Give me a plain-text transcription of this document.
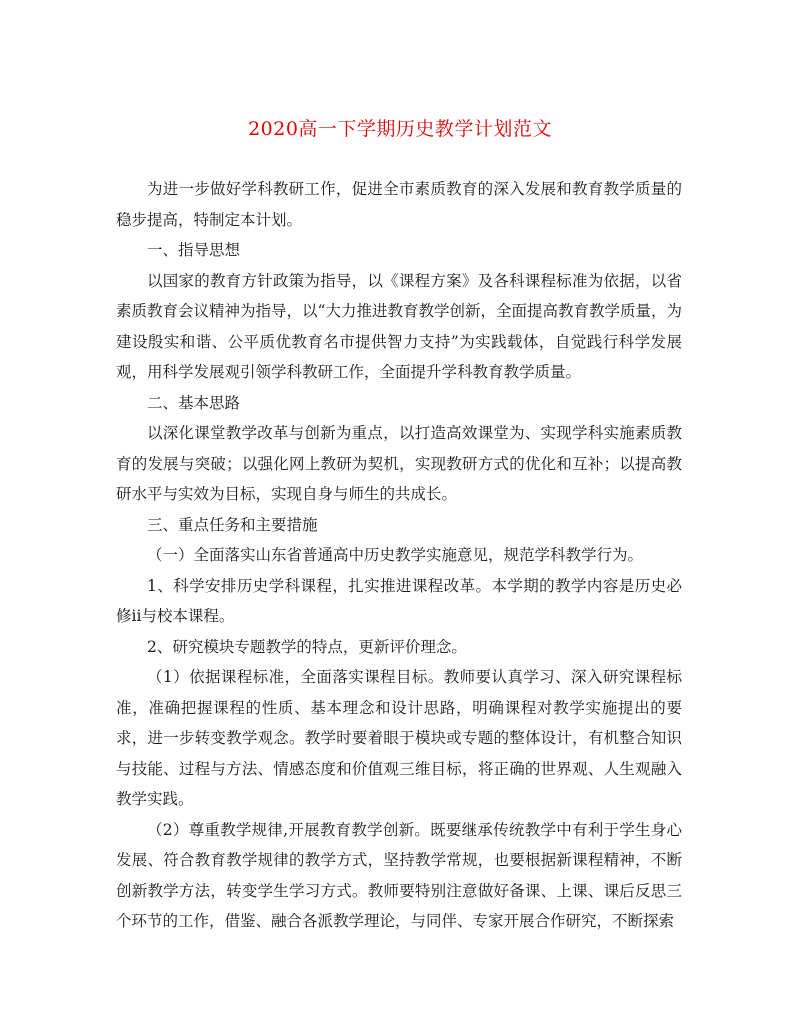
2020高一下学期历史教学计划范文

为进一步做好学科教研工作，促进全市素质教育的深入发展和教育教学质量的稳步提高，特制定本计划。

一、指导思想

以国家的教育方针政策为指导，以《课程方案》及各科课程标准为依据，以省素质教育会议精神为指导，以“大力推进教育教学创新，全面提高教育教学质量，为建设殷实和谐、公平质优教育名市提供智力支持”为实践载体，自觉践行科学发展观，用科学发展观引领学科教研工作，全面提升学科教育教学质量。

二、基本思路

以深化课堂教学改革与创新为重点，以打造高效课堂为、实现学科实施素质教育的发展与突破；以强化网上教研为契机，实现教研方式的优化和互补；以提高教研水平与实效为目标，实现自身与师生的共成长。

三、重点任务和主要措施

（一）全面落实山东省普通高中历史教学实施意见，规范学科教学行为。

1、科学安排历史学科课程，扎实推进课程改革。本学期的教学内容是历史必修ii与校本课程。

2、研究模块专题教学的特点，更新评价理念。

（1）依据课程标准，全面落实课程目标。教师要认真学习、深入研究课程标准，准确把握课程的性质、基本理念和设计思路，明确课程对教学实施提出的要求，进一步转变教学观念。教学时要着眼于模块或专题的整体设计，有机整合知识与技能、过程与方法、情感态度和价值观三维目标，将正确的世界观、人生观融入教学实践。

（2）尊重教学规律,开展教育教学创新。既要继承传统教学中有利于学生身心发展、符合教育教学规律的教学方式，坚持教学常规，也要根据新课程精神，不断创新教学方法，转变学生学习方式。教师要特别注意做好备课、上课、课后反思三个环节的工作，借鉴、融合各派教学理论，与同伴、专家开展合作研究，不断探索
